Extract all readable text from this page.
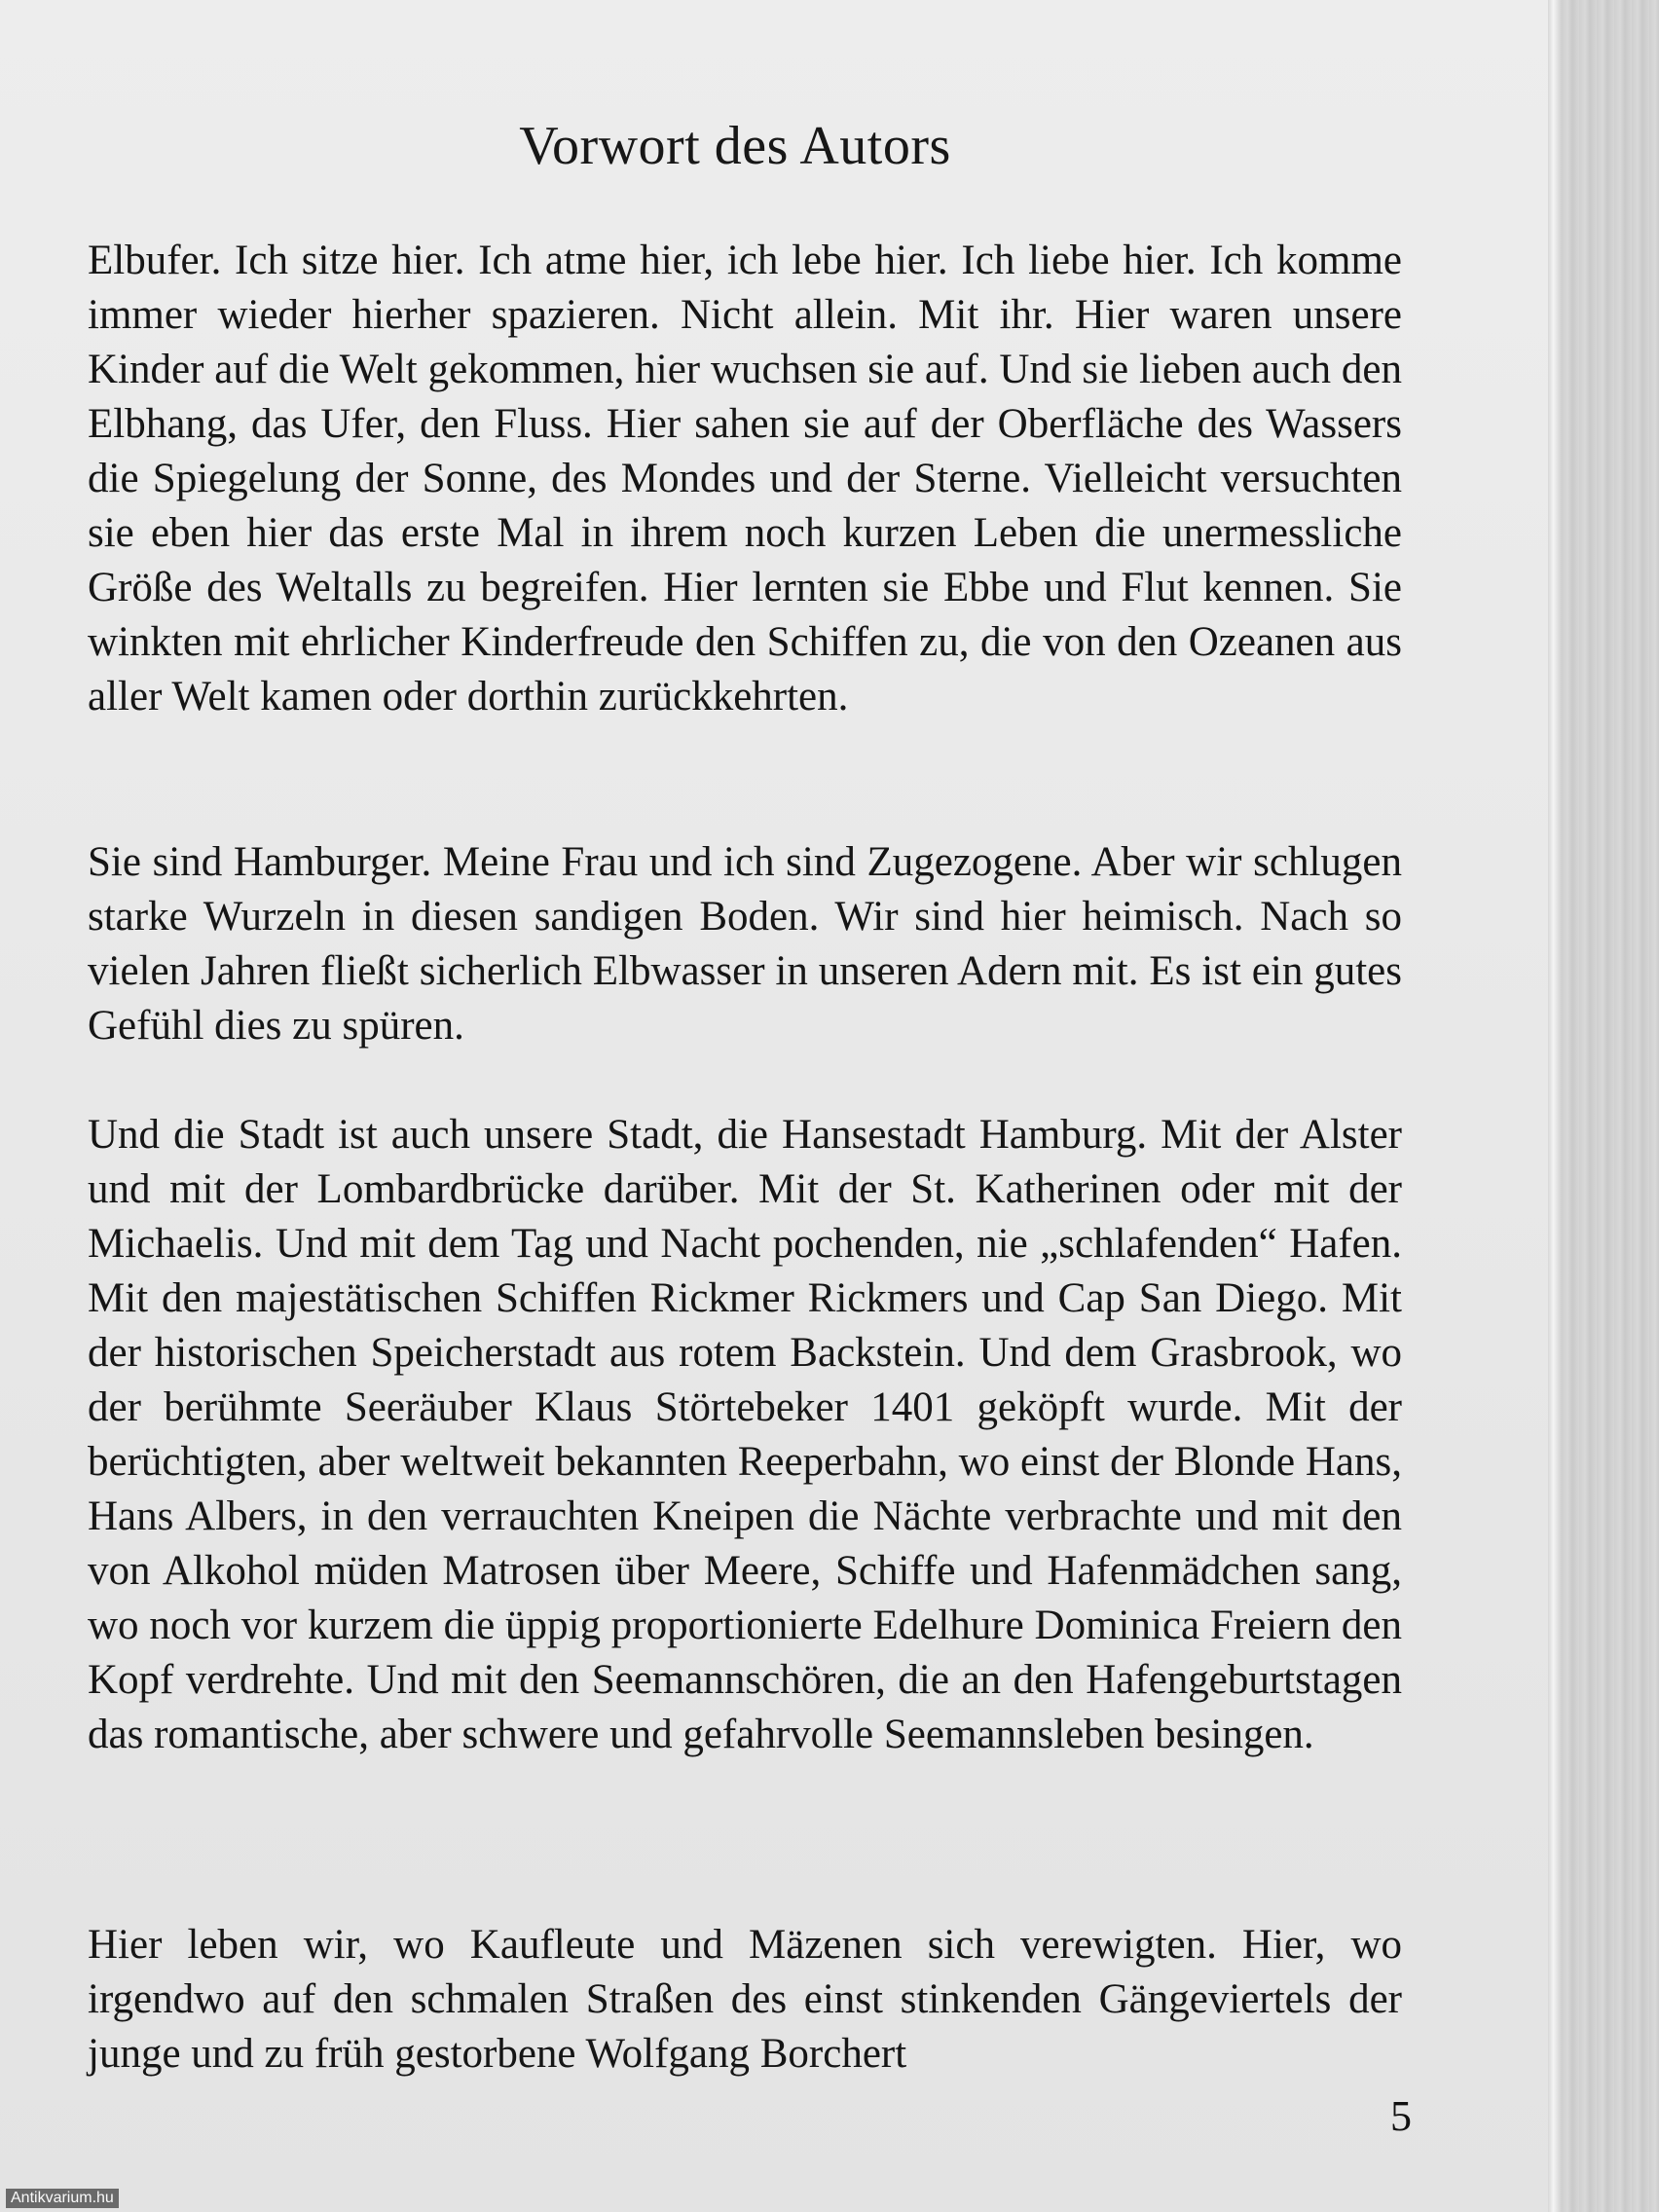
Vorwort des Autors

Elbufer. Ich sitze hier. Ich atme hier, ich lebe hier. Ich liebe hier. Ich komme immer wieder hierher spazieren. Nicht allein. Mit ihr. Hier waren unsere Kinder auf die Welt gekommen, hier wuchsen sie auf. Und sie lieben auch den Elbhang, das Ufer, den Fluss. Hier sahen sie auf der Oberfläche des Wassers die Spiegelung der Sonne, des Mondes und der Sterne. Vielleicht versuchten sie eben hier das erste Mal in ihrem noch kurzen Leben die unermessliche Größe des Weltalls zu begreifen. Hier lernten sie Ebbe und Flut kennen. Sie winkten mit ehrlicher Kinderfreude den Schiffen zu, die von den Ozeanen aus aller Welt kamen oder dorthin zurückkehrten.

Sie sind Hamburger. Meine Frau und ich sind Zugezogene. Aber wir schlugen starke Wurzeln in diesen sandigen Boden. Wir sind hier heimisch. Nach so vielen Jahren fließt sicherlich Elbwasser in unseren Adern mit. Es ist ein gutes Gefühl dies zu spüren.

Und die Stadt ist auch unsere Stadt, die Hansestadt Hamburg. Mit der Alster und mit der Lombardbrücke darüber. Mit der St. Katherinen oder mit der Michaelis. Und mit dem Tag und Nacht pochenden, nie „schlafenden“ Hafen. Mit den majestätischen Schiffen Rickmer Rickmers und Cap San Diego. Mit der historischen Speicherstadt aus rotem Backstein. Und dem Grasbrook, wo der berühmte Seeräuber Klaus Störtebeker 1401 geköpft wurde. Mit der berüchtigten, aber weltweit bekannten Reeperbahn, wo einst der Blonde Hans, Hans Albers, in den verrauchten Kneipen die Nächte verbrachte und mit den von Alkohol müden Matrosen über Meere, Schiffe und Hafenmädchen sang, wo noch vor kurzem die üppig proportionierte Edelhure Dominica Freiern den Kopf verdrehte. Und mit den Seemannschören, die an den Hafengeburtstagen das romantische, aber schwere und gefahrvolle Seemannsleben besingen.

Hier leben wir, wo Kaufleute und Mäzenen sich verewigten. Hier, wo irgendwo auf den schmalen Straßen des einst stinkenden Gängeviertels der junge und zu früh gestorbene Wolfgang Borchert

5

Antikvarium.hu
